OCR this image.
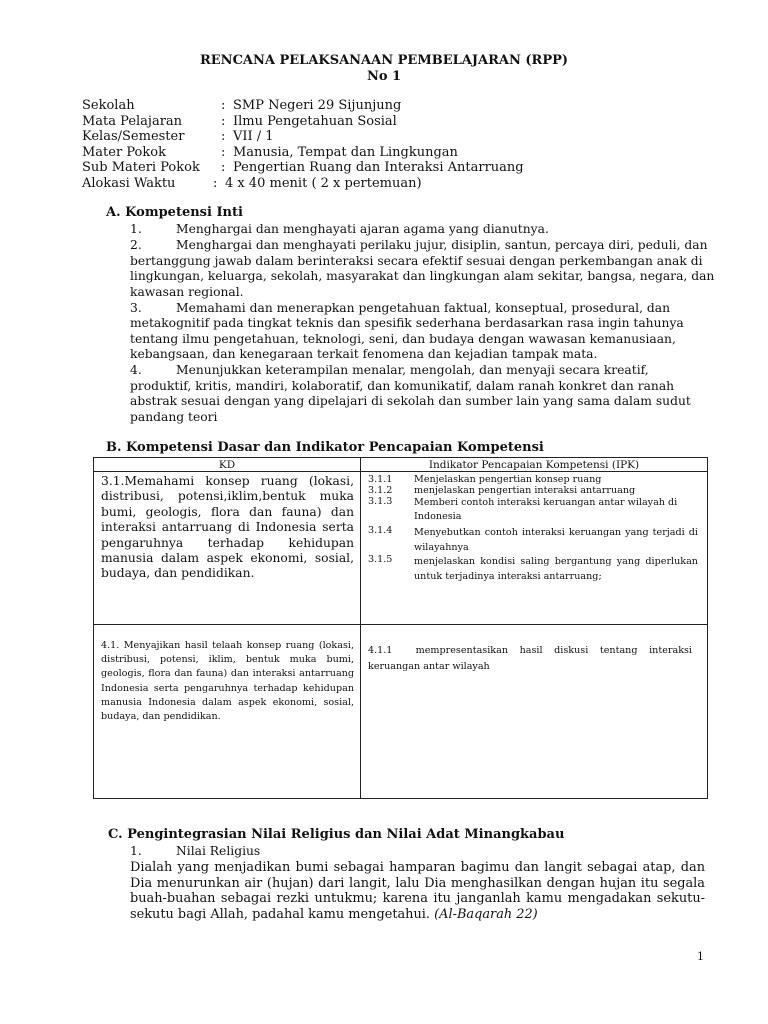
RENCANA PELAKSANAAN PEMBELAJARAN (RPP)
No 1
Sekolah	: SMP Negeri 29 Sijunjung
Mata Pelajaran	: Ilmu Pengetahuan Sosial
Kelas/Semester	: VII / 1
Mater Pokok	: Manusia, Tempat dan Lingkungan
Sub Materi Pokok : Pengertian Ruang dan Interaksi Antarruang
Alokasi Waktu	: 4 x 40 menit ( 2 x pertemuan)
A. Kompetensi Inti
1.	Menghargai dan menghayati ajaran agama yang dianutnya.
2.	Menghargai dan menghayati perilaku jujur, disiplin, santun, percaya diri, peduli, dan
bertanggung jawab dalam berinteraksi secara efektif sesuai dengan perkembangan anak di
lingkungan, keluarga, sekolah, masyarakat dan lingkungan alam sekitar, bangsa, negara, dan
kawasan regional.
3.	Memahami dan menerapkan pengetahuan faktual, konseptual, prosedural, dan
metakognitif pada tingkat teknis dan spesifik sederhana berdasarkan rasa ingin tahunya
tentang ilmu pengetahuan, teknologi, seni, dan budaya dengan wawasan kemanusiaan,
kebangsaan, dan kenegaraan terkait fenomena dan kejadian tampak mata.
4.	Menunjukkan keterampilan menalar, mengolah, dan menyaji secara kreatif,
produktif, kritis, mandiri, kolaboratif, dan komunikatif, dalam ranah konkret dan ranah
abstrak sesuai dengan yang dipelajari di sekolah dan sumber lain yang sama dalam sudut
pandang teori
B. Kompetensi Dasar dan Indikator Pencapaian Kompetensi
KD	Indikator Pencapaian Kompetensi (IPK)
3.1.Memahami konsep ruang (lokasi, distribusi, potensi,iklim,bentuk muka bumi, geologis, flora dan fauna) dan interaksi antarruang di Indonesia serta pengaruhnya terhadap kehidupan manusia dalam aspek ekonomi, sosial, budaya, dan pendidikan.
3.1.1 Menjelaskan pengertian konsep ruang
3.1.2 menjelaskan pengertian interaksi antarruang
3.1.3 Memberi contoh interaksi keruangan antar wilayah di Indonesia
3.1.4 Menyebutkan contoh interaksi keruangan yang terjadi di wilayahnya
3.1.5 menjelaskan kondisi saling bergantung yang diperlukan untuk terjadinya interaksi antarruang;
4.1. Menyajikan hasil telaah konsep ruang (lokasi, distribusi, potensi, iklim, bentuk muka bumi, geologis, flora dan fauna) dan interaksi antarruang Indonesia serta pengaruhnya terhadap kehidupan manusia Indonesia dalam aspek ekonomi, sosial, budaya, dan pendidikan.
4.1.1 mempresentasikan hasil diskusi tentang interaksi keruangan antar wilayah
C. Pengintegrasian Nilai Religius dan Nilai Adat Minangkabau
1.	Nilai Religius
Dialah yang menjadikan bumi sebagai hamparan bagimu dan langit sebagai atap, dan Dia menurunkan air (hujan) dari langit, lalu Dia menghasilkan dengan hujan itu segala buah-buahan sebagai rezki untukmu; karena itu janganlah kamu mengadakan sekutu-sekutu bagi Allah, padahal kamu mengetahui. (Al-Baqarah 22)
1
